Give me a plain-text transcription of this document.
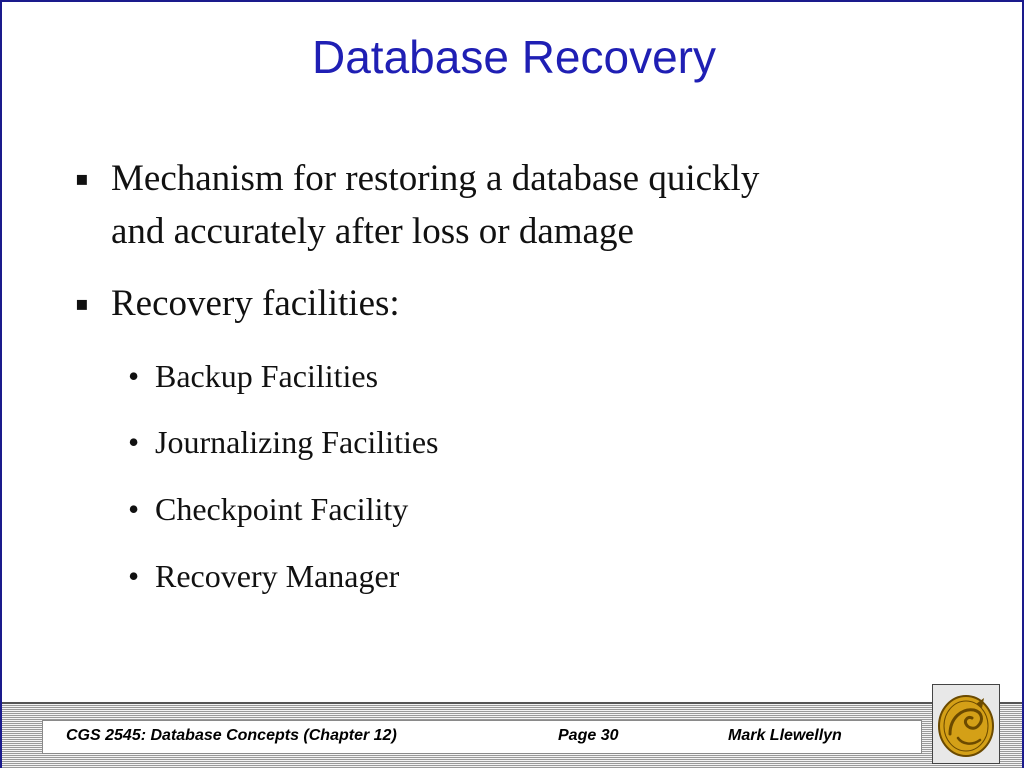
Database Recovery
▪ Mechanism for restoring a database quickly
and accurately after loss or damage
▪ Recovery facilities:
• Backup Facilities
• Journalizing Facilities
• Checkpoint Facility
• Recovery Manager
CGS 2545: Database Concepts (Chapter 12)	Page 30	Mark Llewellyn
